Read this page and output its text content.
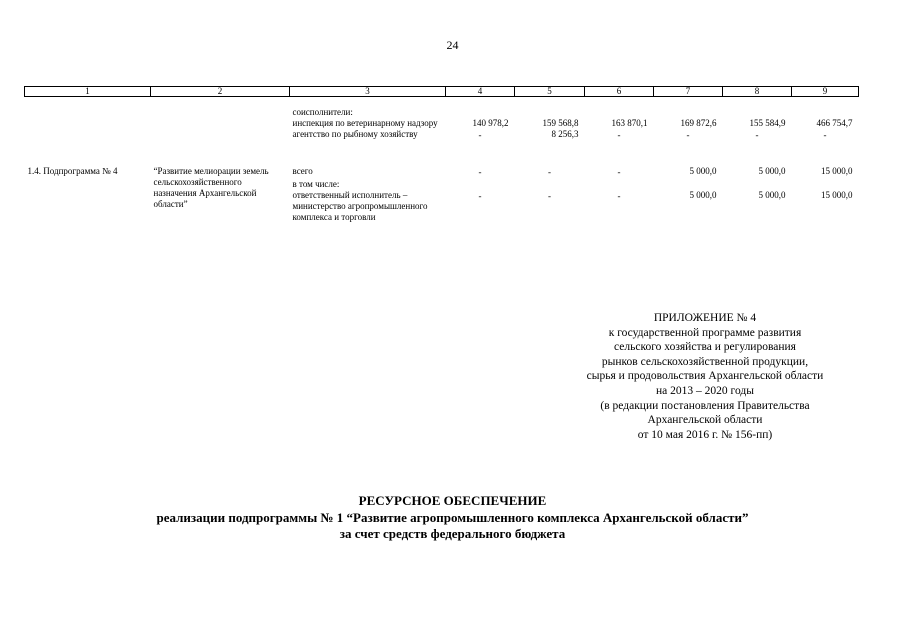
24
1	2	3	4	5	6	7	8	9

		соисполнители:						
		инспекция по ветеринарному надзору	140 978,2	159 568,8	163 870,1	169 872,6	155 584,9	466 754,7
		агентство по рыбному хозяйству	-	8 256,3	-	-	-	-

1.4. Подпрограмма № 4	“Развитие мелиорации земель сельскохозяйственного назначения Архангельской области”	всего	-	-	-	5 000,0	5 000,0	15 000,0
		в том числе:						
		ответственный исполнитель – министерство агропромышленного комплекса и торговли	-	-	-	5 000,0	5 000,0	15 000,0
ПРИЛОЖЕНИЕ № 4
к государственной программе развития
сельского хозяйства и регулирования
рынков сельскохозяйственной продукции,
сырья и продовольствия Архангельской области
на 2013 – 2020 годы
(в редакции постановления Правительства
Архангельской области
от 10 мая 2016 г. № 156-пп)
РЕСУРСНОЕ ОБЕСПЕЧЕНИЕ
реализации подпрограммы № 1 “Развитие агропромышленного комплекса Архангельской области”
за счет средств федерального бюджета
